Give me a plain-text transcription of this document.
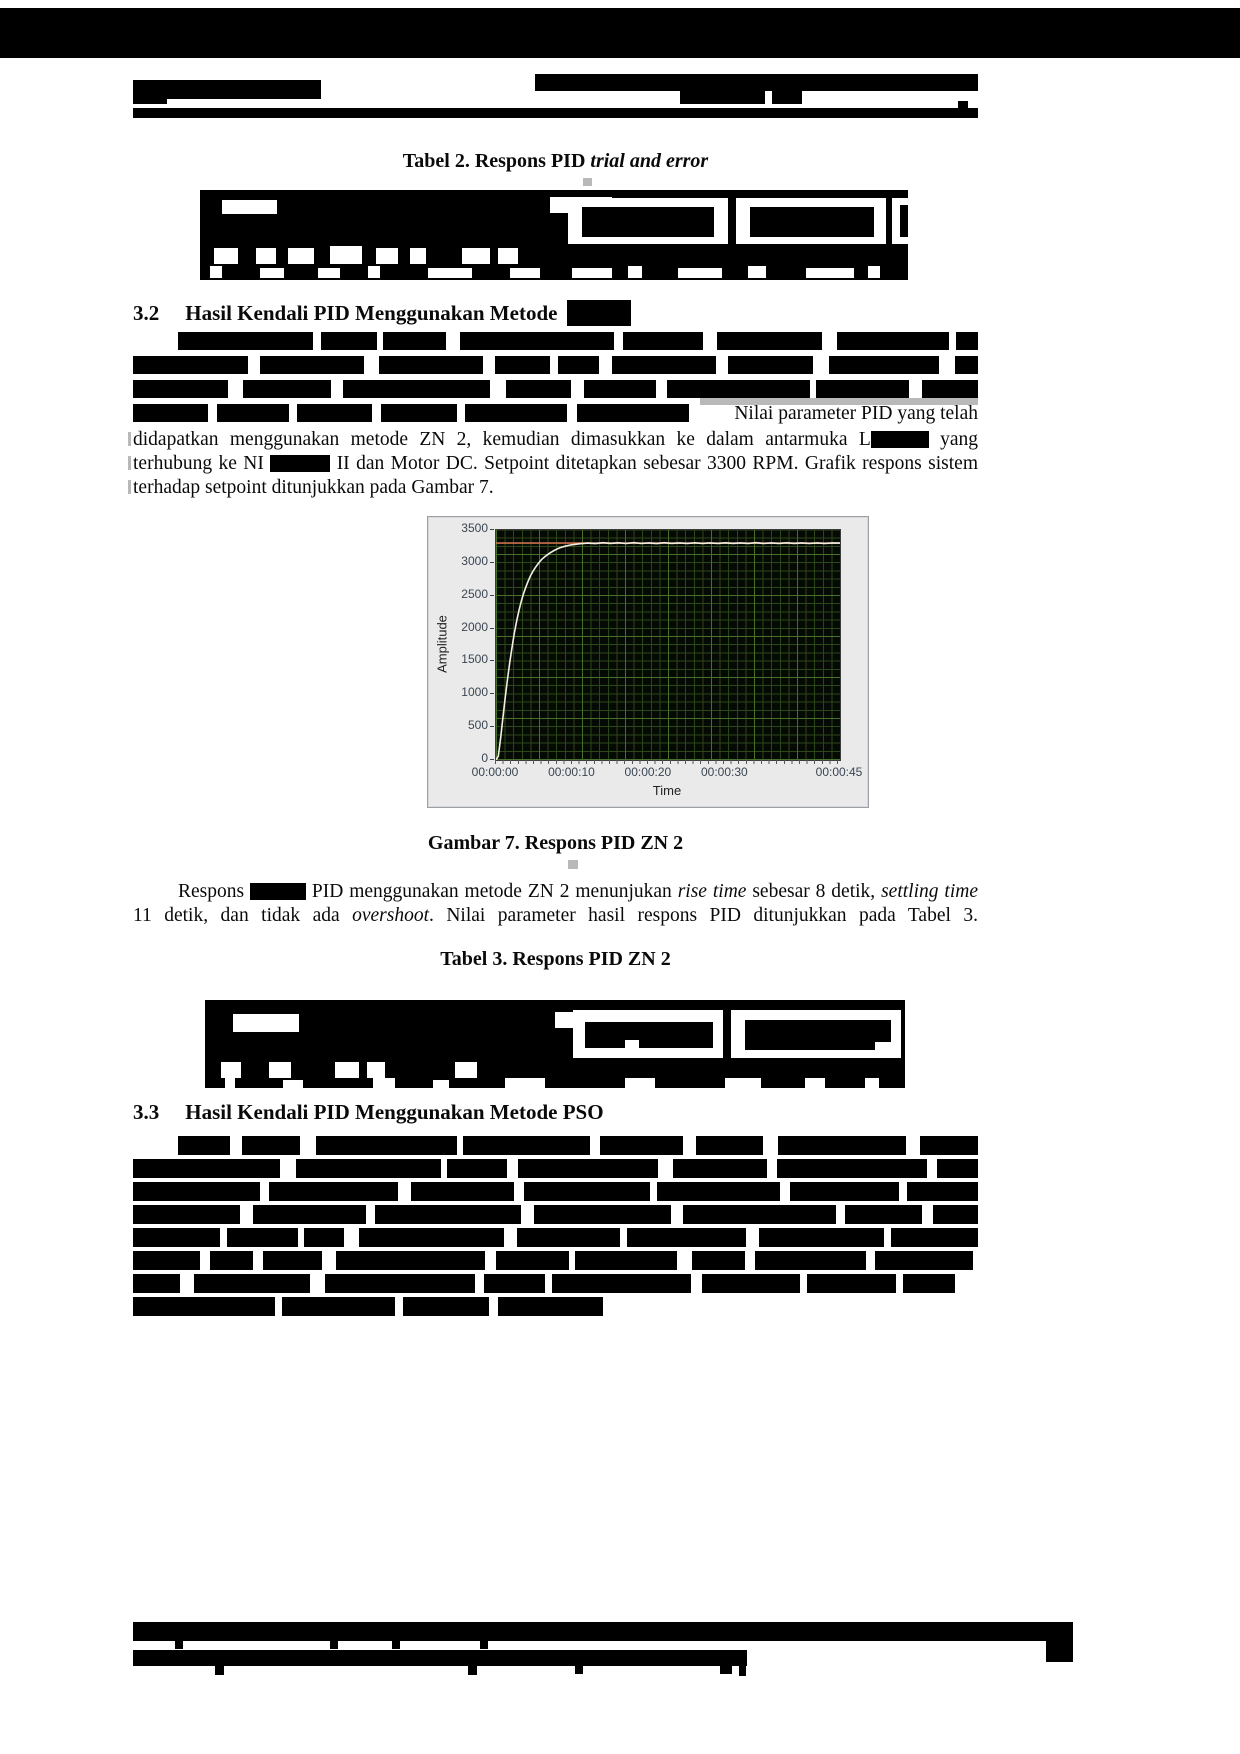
Tabel 2. Respons PID trial and error
3.2 Hasil Kendali PID Menggunakan Metode
Nilai parameter PID yang telah
didapatkan menggunakan metode ZN 2, kemudian dimasukkan ke dalam antarmuka L	yang
terhubung ke NI	II dan Motor DC. Setpoint ditetapkan sebesar 3300 RPM. Grafik respons sistem
terhadap setpoint ditunjukkan pada Gambar 7.
Amplitude
0
500
1000
1500
2000
2500
3000
3500
00:00:00	00:00:10	00:00:20	00:00:30	00:00:45
Time
Gambar 7. Respons PID ZN 2
Respons	PID menggunakan metode ZN 2 menunjukan rise time sebesar 8 detik, settling time
11 detik, dan tidak ada overshoot. Nilai parameter hasil respons PID ditunjukkan pada Tabel 3.
Tabel 3. Respons PID ZN 2
3.3 Hasil Kendali PID Menggunakan Metode PSO
